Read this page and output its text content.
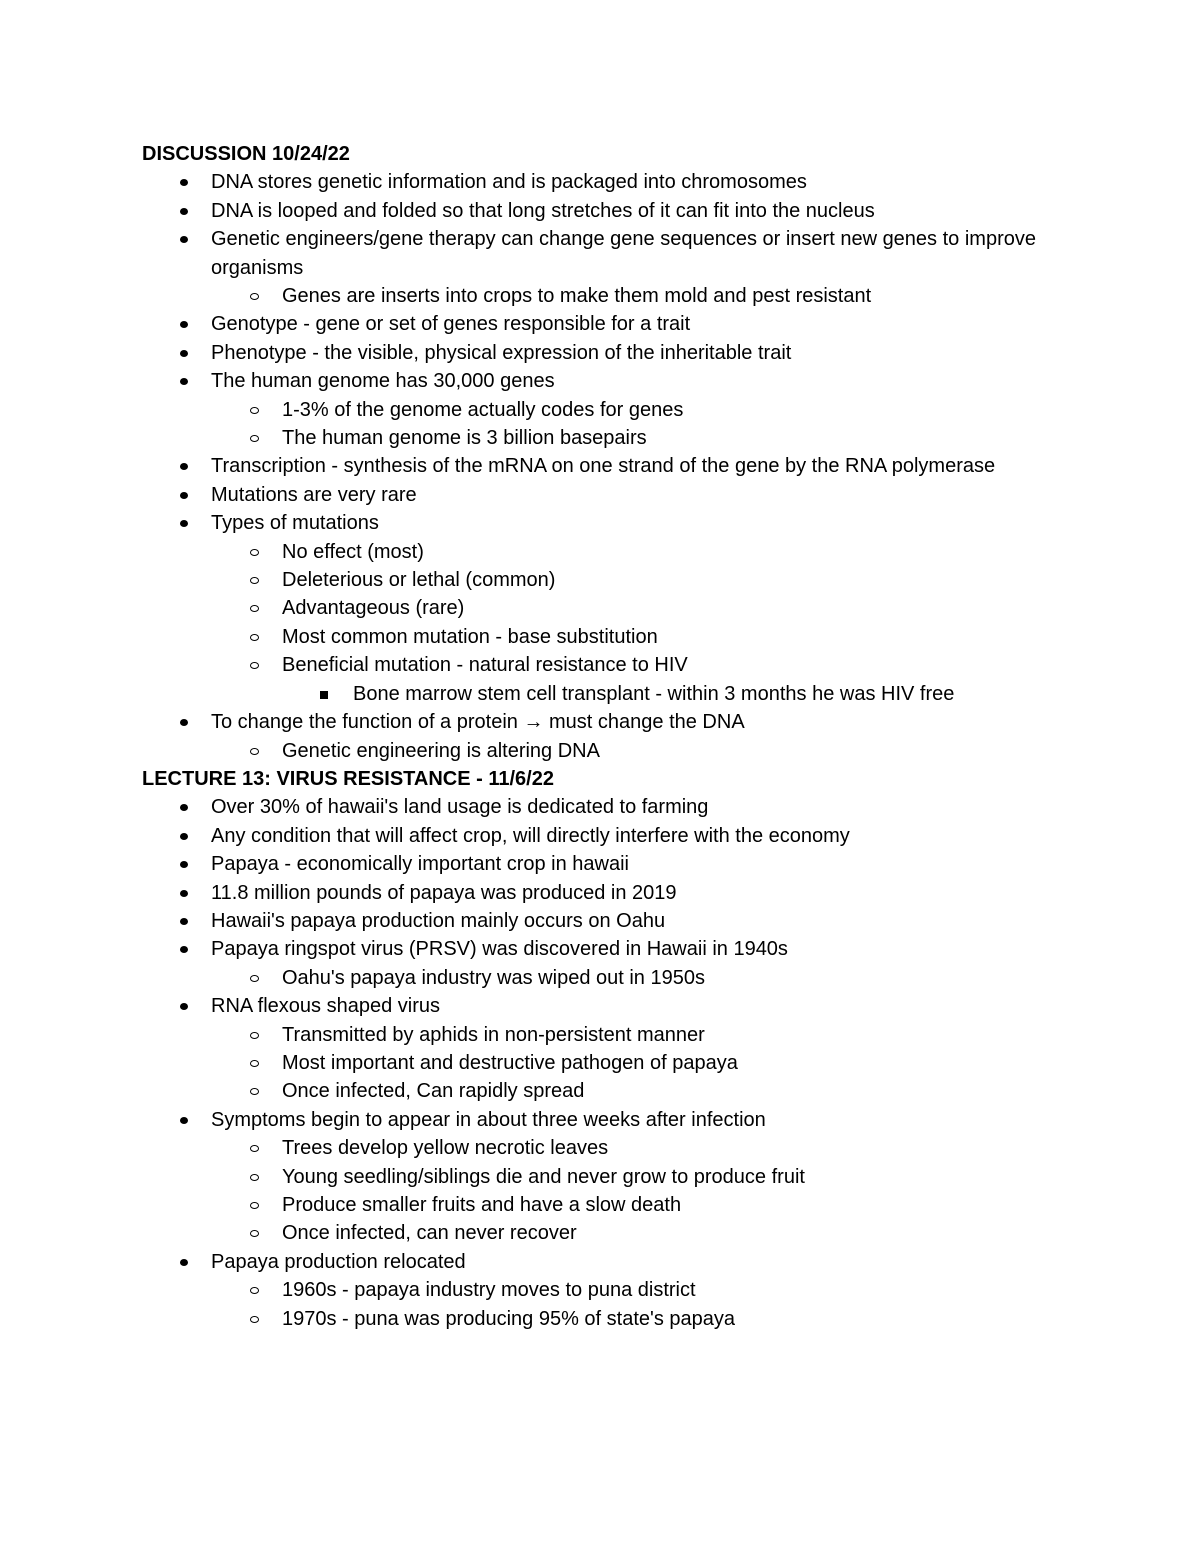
DISCUSSION 10/24/22
DNA stores genetic information and is packaged into chromosomes
DNA is looped and folded so that long stretches of it can fit into the nucleus
Genetic engineers/gene therapy can change gene sequences or insert new genes to improve organisms
Genes are inserts into crops to make them mold and pest resistant
Genotype - gene or set of genes responsible for a trait
Phenotype - the visible, physical expression of the inheritable trait
The human genome has 30,000 genes
1-3% of the genome actually codes for genes
The human genome is 3 billion basepairs
Transcription - synthesis of the mRNA on one strand of the gene by the RNA polymerase
Mutations are very rare
Types of mutations
No effect (most)
Deleterious or lethal (common)
Advantageous (rare)
Most common mutation - base substitution
Beneficial mutation - natural resistance to HIV
Bone marrow stem cell transplant - within 3 months he was HIV free
To change the function of a protein → must change the DNA
Genetic engineering is altering DNA
LECTURE 13: VIRUS RESISTANCE - 11/6/22
Over 30% of hawaii's land usage is dedicated to farming
Any condition that will affect crop, will directly interfere with the economy
Papaya - economically important crop in hawaii
11.8 million pounds of papaya was produced in 2019
Hawaii's papaya production mainly occurs on Oahu
Papaya ringspot virus (PRSV) was discovered in Hawaii in 1940s
Oahu's papaya industry was wiped out in 1950s
RNA flexous shaped virus
Transmitted by aphids in non-persistent manner
Most important and destructive pathogen of papaya
Once infected, Can rapidly spread
Symptoms begin to appear in about three weeks after infection
Trees develop yellow necrotic leaves
Young seedling/siblings die and never grow to produce fruit
Produce smaller fruits and have a slow death
Once infected, can never recover
Papaya production relocated
1960s - papaya industry moves to puna district
1970s - puna was producing 95% of state's papaya
